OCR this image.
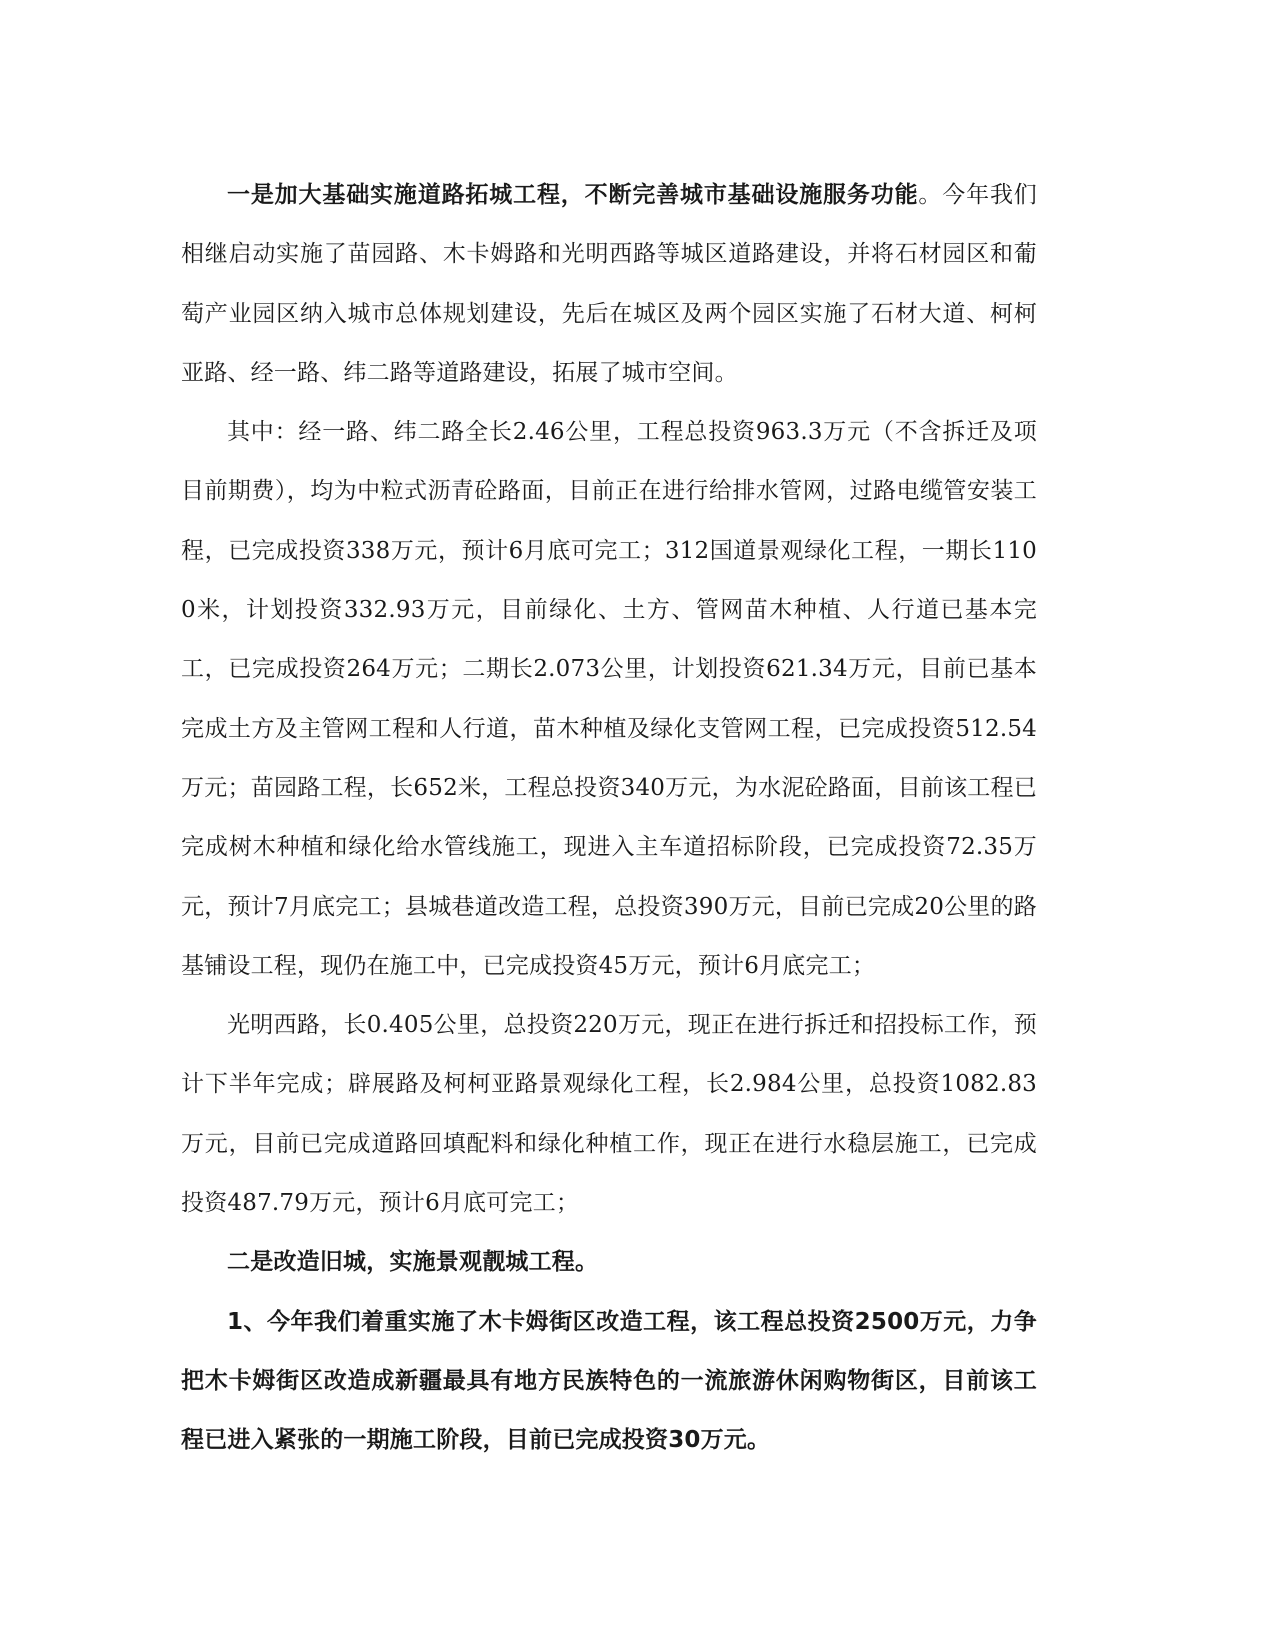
一是加大基础实施道路拓城工程，不断完善城市基础设施服务功能。今年我们相继启动实施了苗园路、木卡姆路和光明西路等城区道路建设，并将石材园区和葡萄产业园区纳入城市总体规划建设，先后在城区及两个园区实施了石材大道、柯柯亚路、经一路、纬二路等道路建设，拓展了城市空间。

其中：经一路、纬二路全长2.46公里，工程总投资963.3万元（不含拆迁及项目前期费），均为中粒式沥青砼路面，目前正在进行给排水管网，过路电缆管安装工程，已完成投资338万元，预计6月底可完工；312国道景观绿化工程，一期长1100米，计划投资332.93万元，目前绿化、土方、管网苗木种植、人行道已基本完工，已完成投资264万元；二期长2.073公里，计划投资621.34万元，目前已基本完成土方及主管网工程和人行道，苗木种植及绿化支管网工程，已完成投资512.54万元；苗园路工程，长652米，工程总投资340万元，为水泥砼路面，目前该工程已完成树木种植和绿化给水管线施工，现进入主车道招标阶段，已完成投资72.35万元，预计7月底完工；县城巷道改造工程，总投资390万元，目前已完成20公里的路基铺设工程，现仍在施工中，已完成投资45万元，预计6月底完工；

光明西路，长0.405公里，总投资220万元，现正在进行拆迁和招投标工作，预计下半年完成；辟展路及柯柯亚路景观绿化工程，长2.984公里，总投资1082.83万元，目前已完成道路回填配料和绿化种植工作，现正在进行水稳层施工，已完成投资487.79万元，预计6月底可完工；

二是改造旧城，实施景观靓城工程。

1、今年我们着重实施了木卡姆街区改造工程，该工程总投资2500万元，力争把木卡姆街区改造成新疆最具有地方民族特色的一流旅游休闲购物街区，目前该工程已进入紧张的一期施工阶段，目前已完成投资30万元。
